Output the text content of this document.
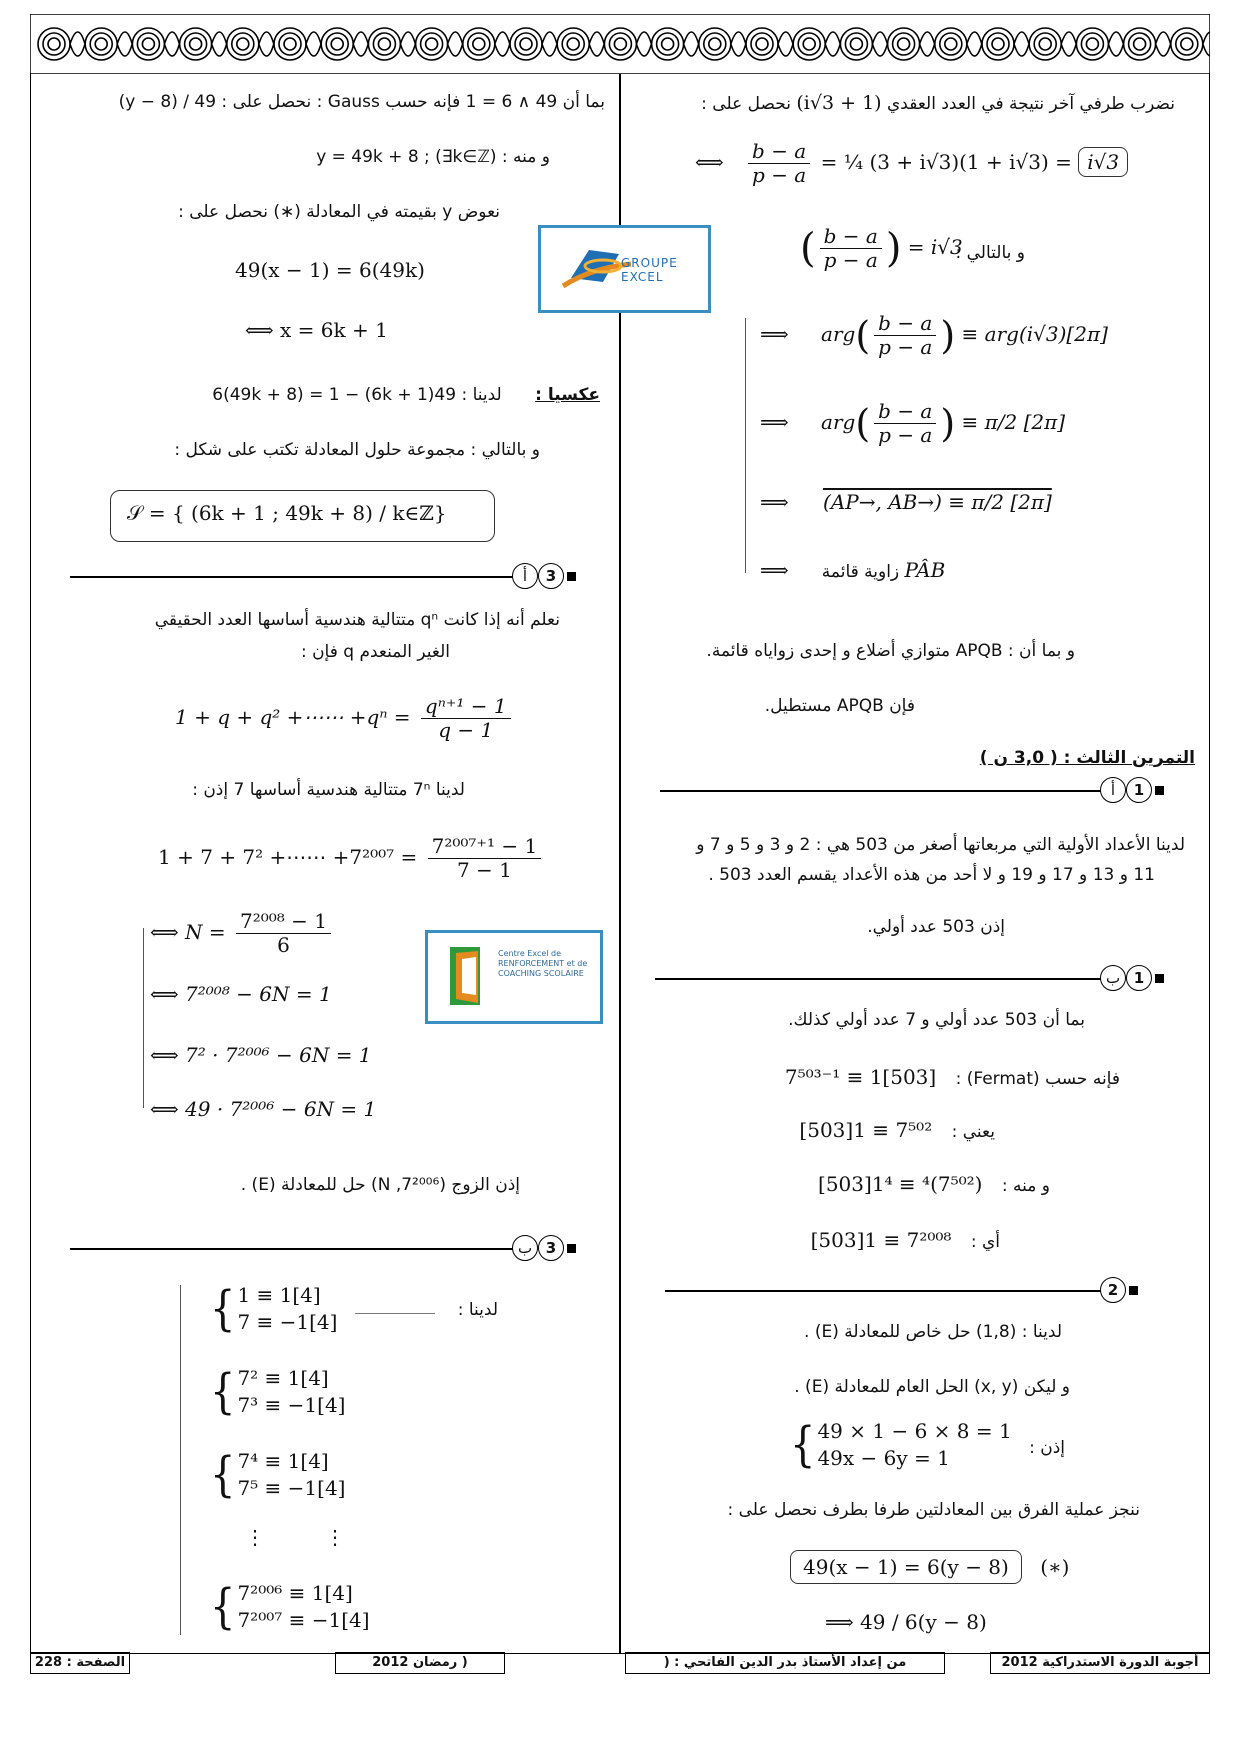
نضرب طرفي آخر نتيجة في العدد العقدي (1 + i√3) نحصل على :
⟺ $\frac{b - a}{p - a}$ = ¼ (3 + i√3)(1 + i√3) = i√3
و بالتالي :
( $\frac{b - a}{p - a}$ ) = i√3
⟹ $arg( \frac{b - a}{p - a}$ ) ≡ arg(i√3)[2π]
⟹ $arg( \frac{b - a}{p - a}$ ) ≡ π/2 [2π]
⟹ (AP→, AB→) ≡ π/2 [2π]
⟹	PÂB زاوية قائمة
و بما أن : APQB متوازي أضلاع و إحدى زواياه قائمة.
فإن APQB مستطيل.
التمرين الثالث : ( 3,0 ن )
أ 1
لدينا الأعداد الأولية التي مربعاتها أصغر من 503 هي : 2 و 3 و 5 و 7 و
11 و 13 و 17 و 19 و لا أحد من هذه الأعداد يقسم العدد 503 .
إذن 503 عدد أولي.
ب 1
بما أن 503 عدد أولي و 7 عدد أولي كذلك.
فإنه حسب (Fermat) : 7⁵⁰³⁻¹ ≡ 1[503]
يعني : 7⁵⁰² ≡ 1[503]
و منه : (7⁵⁰²)⁴ ≡ 1⁴[503]
أي : 7²⁰⁰⁸ ≡ 1[503]
2
لدينا : (1,8) حل خاص للمعادلة (E) .
و ليكن (x, y) الحل العام للمعادلة (E) .
إذن :
{ 49 × 1 − 6 × 8 = 1
49x − 6y = 1
ننجز عملية الفرق بين المعادلتين طرفا بطرف نحصل على :
49(x − 1) = 6(y − 8) (∗)
⟹ 49 / 6(y − 8)
بما أن 49 ∧ 6 = 1 فإنه حسب Gauss : نحصل على : 49 / (y − 8)
و منه : y = 49k + 8 ; (∃k∈ℤ)
نعوض y بقيمته في المعادلة (∗) نحصل على :
GROUPE EXCEL
49(x − 1) = 6(49k)
⟺ x = 6k + 1
عكسيا : لدينا : 49(6k + 1) − 6(49k + 8) = 1
و بالتالي : مجموعة حلول المعادلة تكتب على شكل :
𝒮 = { (6k + 1 ; 49k + 8) / k∈ℤ}
أ 3
نعلم أنه إذا كانت qⁿ متتالية هندسية أساسها العدد الحقيقي
الغير المنعدم q فإن :
1 + q + q² +⋯⋯ $+q^n = \frac{\text{qⁿ⁺¹ − 1}}{q - 1}$
لدينا 7ⁿ متتالية هندسية أساسها 7 إذن :
1 + 7 + 7² +⋯⋯ $+7^{2007} = \frac{\text{7²⁰⁰⁷⁺¹ − 1}}{7 - 1}$
⟺ $N = \frac{\text{7²⁰⁰⁸ − 1}}{6}$
⟺ 7²⁰⁰⁸ − 6N = 1
⟺ 7² · 7²⁰⁰⁶ − 6N = 1
⟺ 49 · 7²⁰⁰⁶ − 6N = 1
Centre Excel de RENFORCEMENT et de COACHING SCOLAIRE
إذن الزوج (7²⁰⁰⁶, N) حل للمعادلة (E) .
ب 3
لدينا :
{ 1 ≡ 1[4]
7 ≡ −1[4]
{ 7² ≡ 1[4]
7³ ≡ −1[4]
{ 7⁴ ≡ 1[4]
7⁵ ≡ −1[4]
⋮	⋮
{ 7²⁰⁰⁶ ≡ 1[4]
7²⁰⁰⁷ ≡ −1[4]
أجوبة الدورة الاستدراكية 2012
من إعداد الأستاذ بدر الدين الفاتحي : (
( رمضان 2012
الصفحة : 228
